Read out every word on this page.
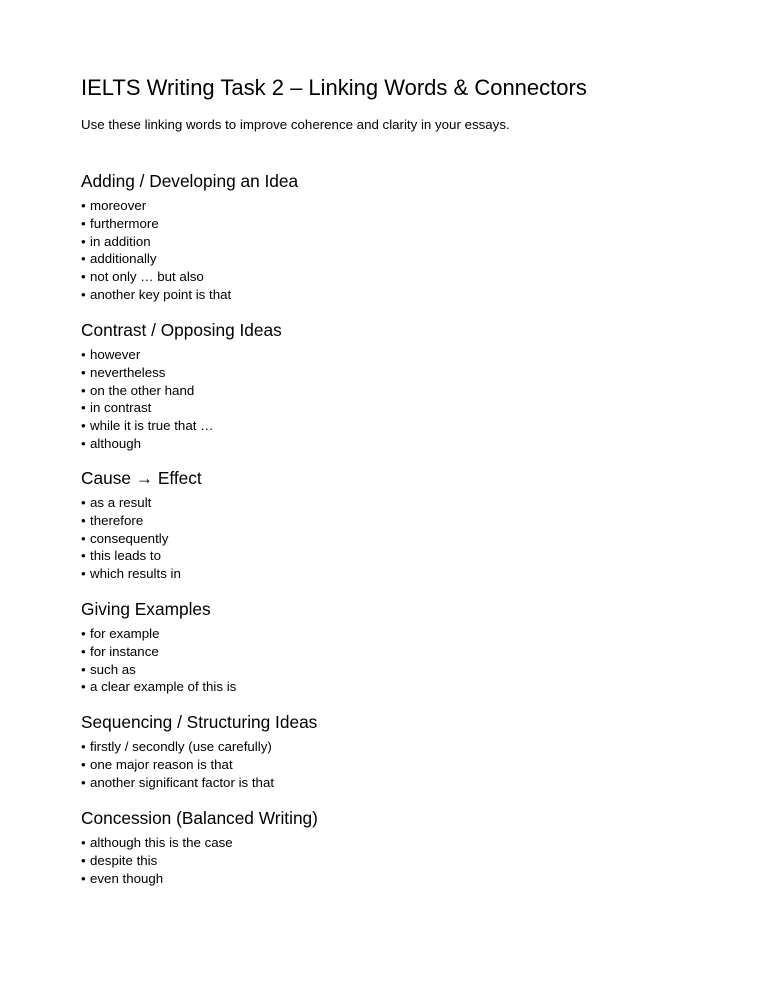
IELTS Writing Task 2 – Linking Words & Connectors

Use these linking words to improve coherence and clarity in your essays.

Adding / Developing an Idea
• moreover
• furthermore
• in addition
• additionally
• not only … but also
• another key point is that
Contrast / Opposing Ideas
• however
• nevertheless
• on the other hand
• in contrast
• while it is true that …
• although
Cause → Effect
• as a result
• therefore
• consequently
• this leads to
• which results in
Giving Examples
• for example
• for instance
• such as
• a clear example of this is
Sequencing / Structuring Ideas
• firstly / secondly (use carefully)
• one major reason is that
• another significant factor is that
Concession (Balanced Writing)
• although this is the case
• despite this
• even though
